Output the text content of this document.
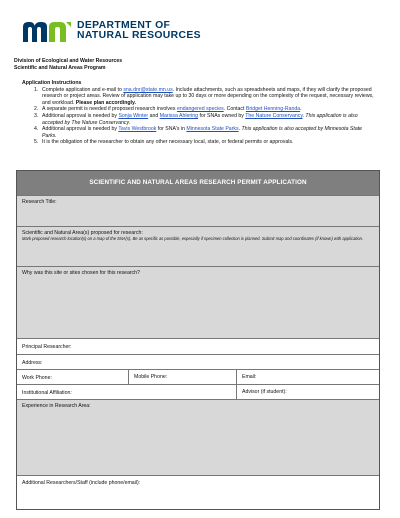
DEPARTMENT OF
NATURAL RESOURCES
Division of Ecological and Water Resources
Scientific and Natural Areas Program
Application Instructions
1. Complete application and e-mail to sna.dnr@state.mn.us. Include attachments, such as spreadsheets and maps, if they will clarify the proposed research or project areas. Review of application may take up to 30 days or more depending on the complexity of the request, necessary reviews, and workload. Please plan accordingly.
2. A separate permit is needed if proposed research involves endangered species. Contact Bridget Henning-Randa.
3. Additional approval is needed by Sonja Winter and Marissa Ahlering for SNAs owned by The Nature Conservancy. This application is also accepted by The Nature Conservancy.
4. Additional approval is needed by Tavis Westbrook for SNA's in Minnesota State Parks. This application is also accepted by Minnesota State Parks.
5. It is the obligation of the researcher to obtain any other necessary local, state, or federal permits or approvals.
SCIENTIFIC AND NATURAL AREAS RESEARCH PERMIT APPLICATION
Research Title:
Scientific and Natural Area(s) proposed for research:
Mark proposed research location(s) on a map of the SNA(s). Be as specific as possible, especially if specimen collection is planned. Submit map and coordinates (if known) with application.
Why was this site or sites chosen for this research?
Principal Researcher:
Address:
Work Phone:	Mobile Phone:	Email:
Institutional Affiliation:	Advisor (if student):
Experience in Research Area:
Additional Researchers/Staff (include phone/email):
